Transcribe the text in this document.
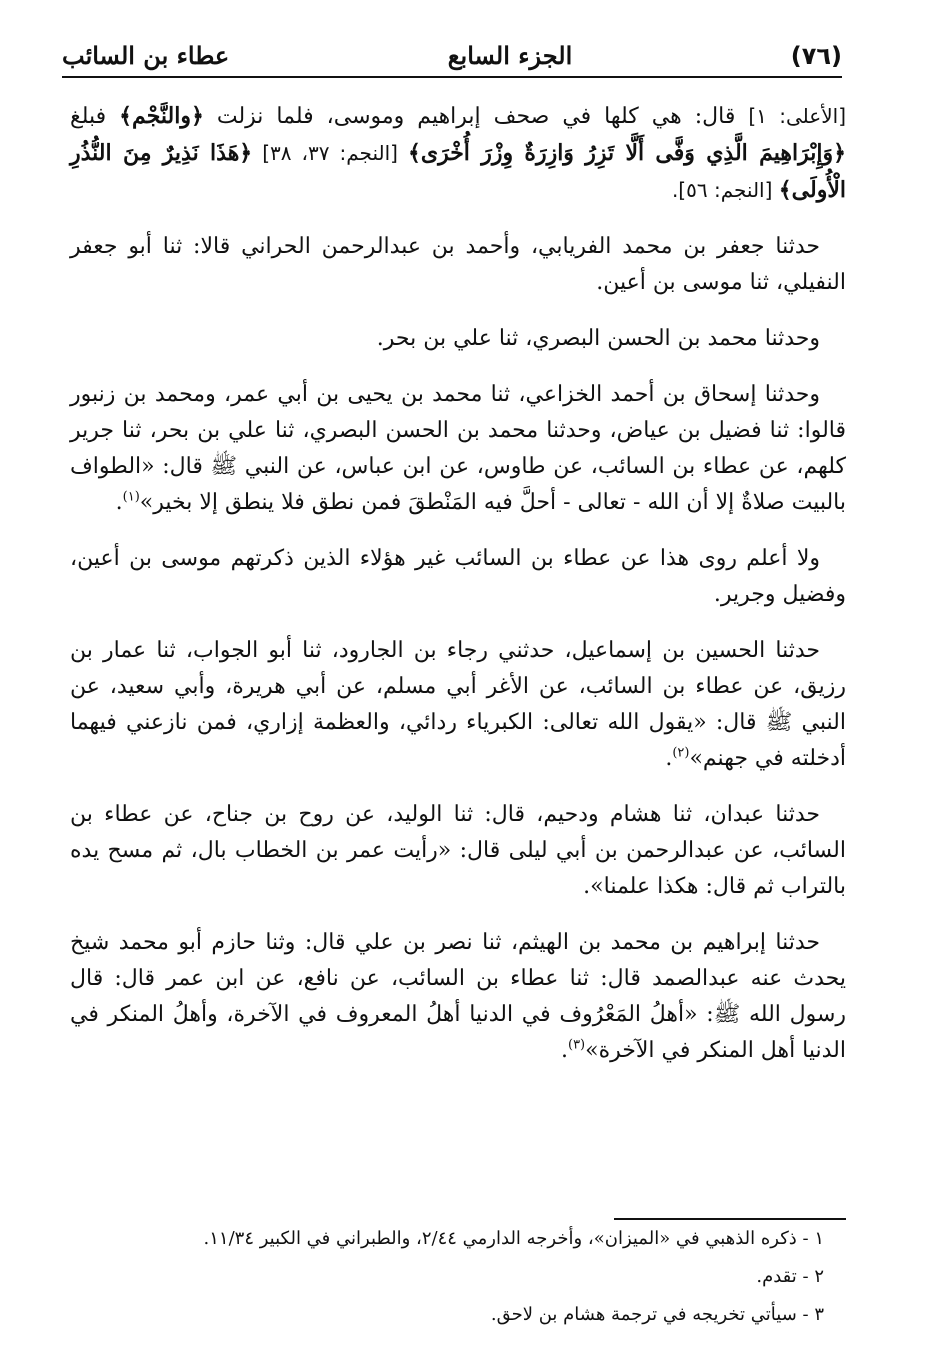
(٧٦)
الجزء السابع
عطاء بن السائب

[الأعلى: ١] قال: هي كلها في صحف إبراهيم وموسى، فلما نزلت ﴿والنَّجْم﴾ فبلغ ﴿وَإِبْرَاهِيمَ الَّذِي وَفَّى أَلَّا تَزِرُ وَازِرَةٌ وِزْرَ أُخْرَى﴾ [النجم: ٣٧، ٣٨] ﴿هَذَا نَذِيرٌ مِنَ النُّذُرِ الْأُولَى﴾ [النجم: ٥٦].

حدثنا جعفر بن محمد الفريابي، وأحمد بن عبدالرحمن الحراني قالا: ثنا أبو جعفر النفيلي، ثنا موسى بن أعين.

وحدثنا محمد بن الحسن البصري، ثنا علي بن بحر.

وحدثنا إسحاق بن أحمد الخزاعي، ثنا محمد بن يحيى بن أبي عمر، ومحمد بن زنبور قالوا: ثنا فضيل بن عياض، وحدثنا محمد بن الحسن البصري، ثنا علي بن بحر، ثنا جرير كلهم، عن عطاء بن السائب، عن طاوس، عن ابن عباس، عن النبي ﷺ قال: «الطواف بالبيت صلاةٌ إلا أن الله - تعالى - أحلَّ فيه المَنْطقَ فمن نطق فلا ينطق إلا بخير»$^{(١)}$.

ولا أعلم روى هذا عن عطاء بن السائب غير هؤلاء الذين ذكرتهم موسى بن أعين، وفضيل وجرير.

حدثنا الحسين بن إسماعيل، حدثني رجاء بن الجارود، ثنا أبو الجواب، ثنا عمار بن رزيق، عن عطاء بن السائب، عن الأغر أبي مسلم، عن أبي هريرة، وأبي سعيد، عن النبي ﷺ قال: «يقول الله تعالى: الكبرياء ردائي، والعظمة إزاري، فمن نازعني فيهما أدخلته في جهنم»$^{(٢)}$.

حدثنا عبدان، ثنا هشام ودحيم، قال: ثنا الوليد، عن روح بن جناح، عن عطاء بن السائب، عن عبدالرحمن بن أبي ليلى قال: «رأيت عمر بن الخطاب بال، ثم مسح يده بالتراب ثم قال: هكذا علمنا».

حدثنا إبراهيم بن محمد بن الهيثم، ثنا نصر بن علي قال: وثنا حازم أبو محمد شيخ يحدث عنه عبدالصمد قال: ثنا عطاء بن السائب، عن نافع، عن ابن عمر قال: قال رسول الله ﷺ: «أهلُ المَعْرُوف في الدنيا أهلُ المعروف في الآخرة، وأهلُ المنكر في الدنيا أهل المنكر في الآخرة»$^{(٣)}$.

١ - ذكره الذهبي في «الميزان»، وأخرجه الدارمي ٢/٤٤، والطبراني في الكبير ١١/٣٤.
٢ - تقدم.
٣ - سيأتي تخريجه في ترجمة هشام بن لاحق.
